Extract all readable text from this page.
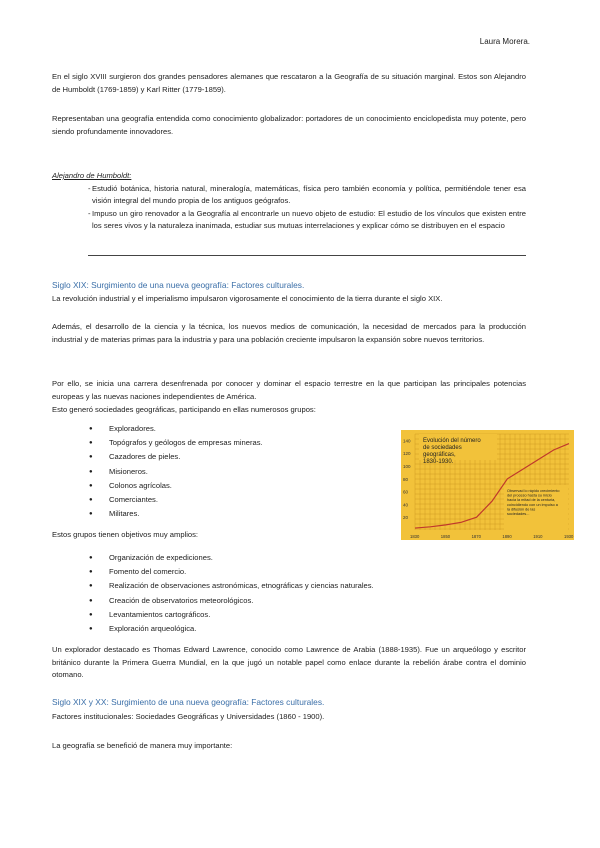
Laura Morera.

En el siglo XVIII surgieron dos grandes pensadores alemanes que rescataron a la Geografía de su situación marginal. Estos son Alejandro de Humboldt (1769-1859) y Karl Ritter (1779-1859).

Representaban una geografía entendida como conocimiento globalizador: portadores de un conocimiento enciclopedista muy potente, pero siendo profundamente innovadores.

Alejandro de Humboldt:
- Estudió botánica, historia natural, mineralogía, matemáticas, física pero también economía y política, permitiéndole tener esa visión integral del mundo propia de los antiguos geógrafos.
- Impuso un giro renovador a la Geografía al encontrarle un nuevo objeto de estudio: El estudio de los vínculos que existen entre los seres vivos y la naturaleza inanimada, estudiar sus mutuas interrelaciones y explicar cómo se distribuyen en el espacio
Siglo XIX: Surgimiento de una nueva geografía: Factores culturales.

La revolución industrial y el imperialismo impulsaron vigorosamente el conocimiento de la tierra durante el siglo XIX.

Además, el desarrollo de la ciencia y la técnica, los nuevos medios de comunicación, la necesidad de mercados para la producción industrial y de materias primas para la industria y para una población creciente impulsaron la expansión sobre nuevos territorios.

Por ello, se inicia una carrera desenfrenada por conocer y dominar el espacio terrestre en la que participan las principales potencias europeas y las nuevas naciones independientes de América.

Esto generó sociedades geográficas, participando en ellas numerosos grupos:

● Exploradores.
● Topógrafos y geólogos de empresas mineras.
● Cazadores de pieles.
● Misioneros.
● Colonos agrícolas.
● Comerciantes.
● Militares.
140
120
100
80
60
40
20
1830	1850	1870	1890	1910	1930
Evolución del número de sociedades geográficas, 1830-1930.
Observad lo rápido crecimiento del proceso hasta su inicio hacia la mitad de la centuria, coincidiendo con un impulso a la difusión de las sociedades...

Estos grupos tienen objetivos muy amplios:

● Organización de expediciones.
● Fomento del comercio.
● Realización de observaciones astronómicas, etnográficas y ciencias naturales.
● Creación de observatorios meteorológicos.
● Levantamientos cartográficos.
● Exploración arqueológica.

Un explorador destacado es Thomas Edward Lawrence, conocido como Lawrence de Arabia (1888-1935). Fue un arqueólogo y escritor británico durante la Primera Guerra Mundial, en la que jugó un notable papel como enlace durante la rebelión árabe contra el dominio otomano.

Siglo XIX y XX: Surgimiento de una nueva geografía: Factores culturales.

Factores institucionales: Sociedades Geográficas y Universidades (1860 - 1900).

La geografía se benefició de manera muy importante:
